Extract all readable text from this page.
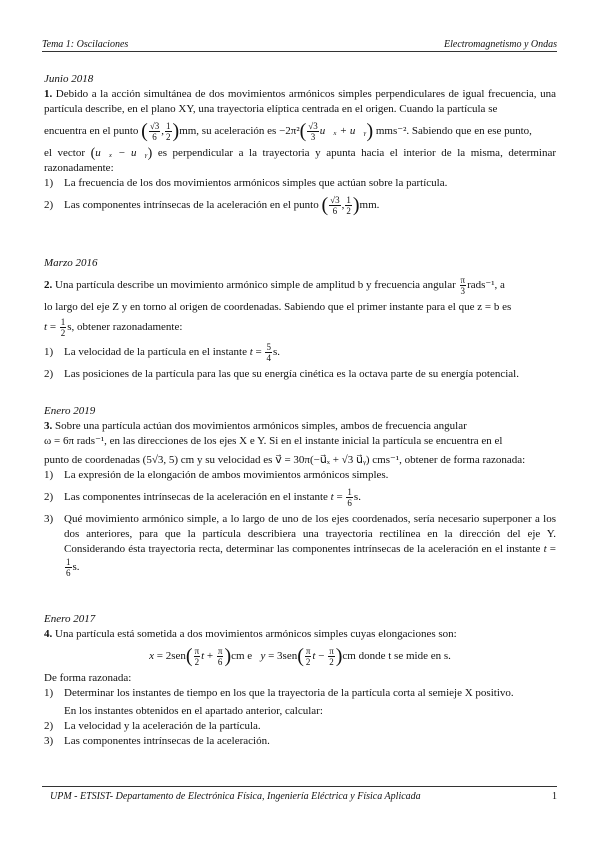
Tema 1: Oscilaciones	Electromagnetismo y Ondas
Junio 2018
1. Debido a la acción simultánea de dos movimientos armónicos simples perpendiculares de igual frecuencia, una partícula describe, en el plano XY, una trayectoria elíptica centrada en el origen. Cuando la partícula se
encuentra en el punto ( $\frac{√3}{6}$ , $\frac{1}{2} )mm$, su aceleración es $-2\pi^2( \frac{√3}{3}$ u⃗ₓ + u⃗ᵧ) mms⁻². Sabiendo que en ese punto,
el vector (u⃗ₓ − u⃗ᵧ) es perpendicular a la trayectoria y apunta hacia el interior de la misma, determinar razonadamente:
1) La frecuencia de los dos movimientos armónicos simples que actúan sobre la partícula.
2) Las componentes intrínsecas de la aceleración en el punto ( $\frac{√3}{6}$ , $\frac{1}{2} )mm$.
Marzo 2016
2. Una partícula describe un movimiento armónico simple de amplitud b y frecuencia angular $\frac{\pi}{3}$ rads⁻¹, a
lo largo del eje Z y en torno al origen de coordenadas. Sabiendo que el primer instante para el que z = b es
$t = \frac{1}{2} s$, obtener razonadamente:
1) La velocidad de la partícula en el instante $t = \frac{5}{4} s$.
2) Las posiciones de la partícula para las que su energía cinética es la octava parte de su energía potencial.
Enero 2019
3. Sobre una partícula actúan dos movimientos armónicos simples, ambos de frecuencia angular
ω = 6π rads⁻¹, en las direcciones de los ejes X e Y. Si en el instante inicial la partícula se encuentra en el
punto de coordenadas (5√3, 5) cm y su velocidad es v⃗ = 30π(−u⃗ₓ + √3 u⃗ᵧ) cms⁻¹, obtener de forma razonada:
1) La expresión de la elongación de ambos movimientos armónicos simples.
2) Las componentes intrínsecas de la aceleración en el instante $t = \frac{1}{6} s$.
3) Qué movimiento armónico simple, a lo largo de uno de los ejes coordenados, sería necesario superponer a los dos anteriores, para que la partícula describiera una trayectoria rectilínea en la dirección del eje Y. Considerando ésta trayectoria recta, determinar las componentes intrínsecas de la aceleración en el instante t =
$\frac{1}{6} s$.
Enero 2017
4. Una partícula está sometida a dos movimientos armónicos simples cuyas elongaciones son:
$x = 2sen( \frac{\pi}{2}$ $t + \frac{\pi}{6} )cm$ e $y = 3sen( \frac{\pi}{2}$ $t - \frac{\pi}{2} )cm$ donde t se mide en s.
De forma razonada:
1) Determinar los instantes de tiempo en los que la trayectoria de la partícula corta al semieje X positivo.
En los instantes obtenidos en el apartado anterior, calcular:
2) La velocidad y la aceleración de la partícula.
3) Las componentes intrínsecas de la aceleración.
UPM - ETSIST- Departamento de Electrónica Física, Ingeniería Eléctrica y Física Aplicada	1
